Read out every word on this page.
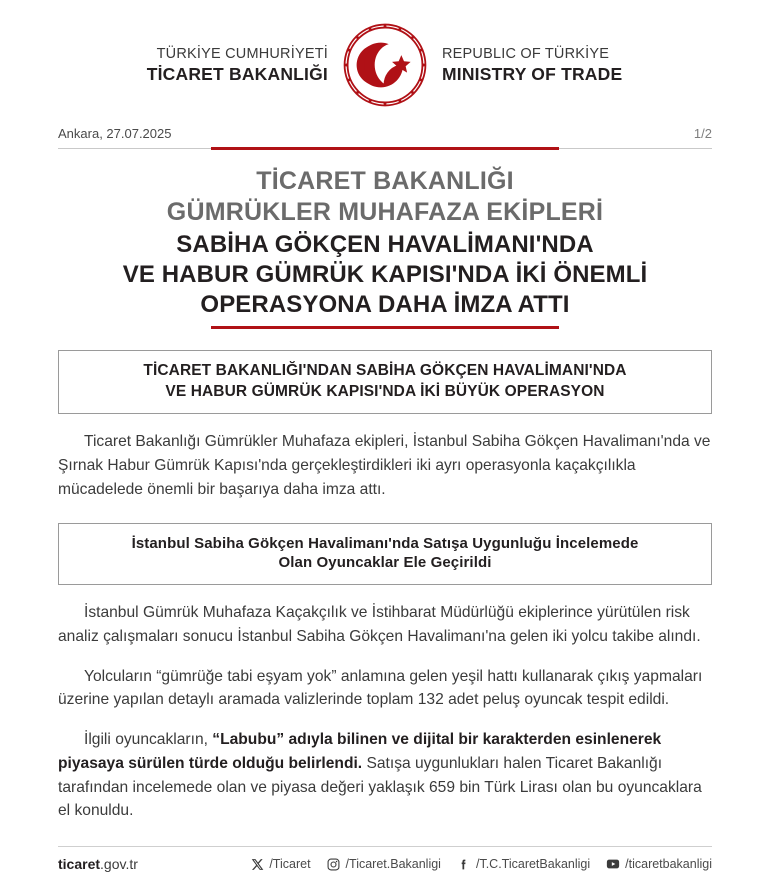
TÜRKİYE CUMHURİYETİ
TİCARET BAKANLIĞI
REPUBLIC OF TÜRKİYE
MINISTRY OF TRADE
Ankara, 27.07.2025	1/2
TİCARET BAKANLIĞI
GÜMRÜKLER MUHAFAZA EKİPLERİ
SABİHA GÖKÇEN HAVALİMANI'NDA
VE HABUR GÜMRÜK KAPISI'NDA İKİ ÖNEMLİ
OPERASYONA DAHA İMZA ATTI
TİCARET BAKANLIĞI'NDAN SABİHA GÖKÇEN HAVALİMANI'NDA
VE HABUR GÜMRÜK KAPISI'NDA İKİ BÜYÜK OPERASYON

Ticaret Bakanlığı Gümrükler Muhafaza ekipleri, İstanbul Sabiha Gökçen Havalimanı'nda ve Şırnak Habur Gümrük Kapısı'nda gerçekleştirdikleri iki ayrı operasyonla kaçakçılıkla mücadelede önemli bir başarıya daha imza attı.

İstanbul Sabiha Gökçen Havalimanı'nda Satışa Uygunluğu İncelemede
Olan Oyuncaklar Ele Geçirildi

İstanbul Gümrük Muhafaza Kaçakçılık ve İstihbarat Müdürlüğü ekiplerince yürütülen risk analiz çalışmaları sonucu İstanbul Sabiha Gökçen Havalimanı'na gelen iki yolcu takibe alındı.

Yolcuların “gümrüğe tabi eşyam yok” anlamına gelen yeşil hattı kullanarak çıkış yapmaları üzerine yapılan detaylı aramada valizlerinde toplam 132 adet peluş oyuncak tespit edildi.

İlgili oyuncakların, “Labubu” adıyla bilinen ve dijital bir karakterden esinlenerek piyasaya sürülen türde olduğu belirlendi. Satışa uygunlukları halen Ticaret Bakanlığı tarafından incelemede olan ve piyasa değeri yaklaşık 659 bin Türk Lirası olan bu oyuncaklara el konuldu.

ticaret.gov.tr	/Ticaret	/Ticaret.Bakanligi	/T.C.TicaretBakanligi	/ticaretbakanligi
